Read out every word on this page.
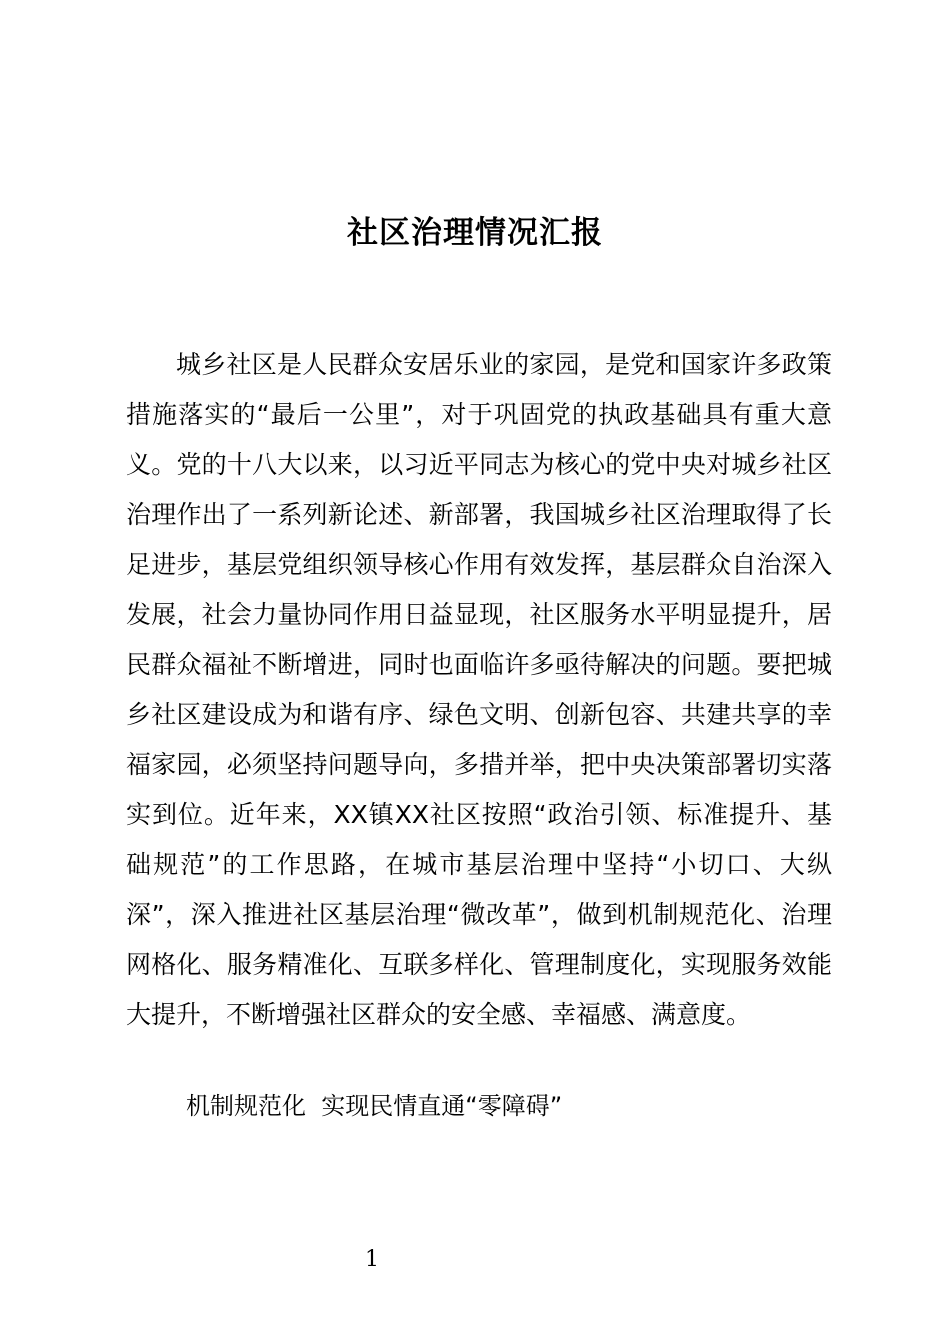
社区治理情况汇报

城乡社区是人民群众安居乐业的家园，是党和国家许多政策措施落实的“最后一公里”，对于巩固党的执政基础具有重大意义。党的十八大以来，以习近平同志为核心的党中央对城乡社区治理作出了一系列新论述、新部署，我国城乡社区治理取得了长足进步，基层党组织领导核心作用有效发挥，基层群众自治深入发展，社会力量协同作用日益显现，社区服务水平明显提升，居民群众福祉不断增进，同时也面临许多亟待解决的问题。要把城乡社区建设成为和谐有序、绿色文明、创新包容、共建共享的幸福家园，必须坚持问题导向，多措并举，把中央决策部署切实落实到位。近年来，XX镇XX社区按照“政治引领、标准提升、基础规范”的工作思路，在城市基层治理中坚持“小切口、大纵深”，深入推进社区基层治理“微改革”，做到机制规范化、治理网格化、服务精准化、互联多样化、管理制度化，实现服务效能大提升，不断增强社区群众的安全感、幸福感、满意度。

机制规范化  实现民情直通“零障碍”

1
